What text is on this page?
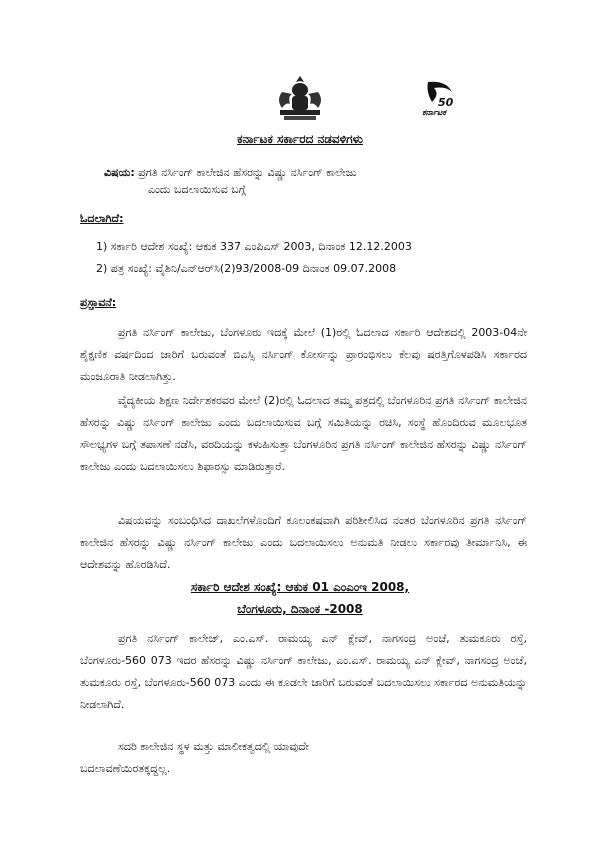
50
ಕರ್ನಾಟಕ
ಕರ್ನಾಟಕ ಸರ್ಕಾರದ ನಡವಳಿಗಳು
ವಿಷಯ: ಪ್ರಗತಿ ನರ್ಸಿಂಗ್ ಕಾಲೇಜಿನ ಹೆಸರನ್ನು ವಿಷ್ಣು ನರ್ಸಿಂಗ್ ಕಾಲೇಜು
ಎಂದು ಬದಲಾಯಿಸುವ ಬಗ್ಗೆ
ಓದಲಾಗಿದೆ:
1) ಸರ್ಕಾರಿ ಆದೇಶ ಸಂಖ್ಯೆ: ಆಕುಕ 337 ಎಂಪಿಎಸ್ 2003, ದಿನಾಂಕ 12.12.2003
2) ಪತ್ರ ಸಂಖ್ಯೆ: ವೈಶಿನಿ/ಎನ್‌ಆರ್‌ಸಿ(2)93/2008-09 ದಿನಾಂಕ 09.07.2008
ಪ್ರಸ್ತಾವನೆ:

ಪ್ರಗತಿ ನರ್ಸಿಂಗ್ ಕಾಲೇಜು, ಬೆಂಗಳೂರು ಇದಕ್ಕೆ ಮೇಲೆ (1)ರಲ್ಲಿ ಓದಲಾದ ಸರ್ಕಾರಿ ಆದೇಶದಲ್ಲಿ 2003-04ನೇ ಶೈಕ್ಷಣಿಕ ವರ್ಷದಿಂದ ಜಾರಿಗೆ ಬರುವಂತೆ ಬಿಎಸ್ಸಿ ನರ್ಸಿಂಗ್ ಕೋರ್ಸನ್ನು ಪ್ರಾರಂಭಿಸಲು ಕೆಲವು ಷರತ್ತಿಗೊಳಪಡಿಸಿ ಸರ್ಕಾರದ ಮಂಜೂರಾತಿ ನೀಡಲಾಗಿತ್ತು.

ವೈದ್ಯಕೀಯ ಶಿಕ್ಷಣ ನಿರ್ದೇಶಕರವರ ಮೇಲೆ (2)ರಲ್ಲಿ ಓದಲಾದ ತಮ್ಮ ಪತ್ರದಲ್ಲಿ ಬೆಂಗಳೂರಿನ ಪ್ರಗತಿ ನರ್ಸಿಂಗ್ ಕಾಲೇಜಿನ ಹೆಸರನ್ನು ವಿಷ್ಣು ನರ್ಸಿಂಗ್ ಕಾಲೇಜು ಎಂದು ಬದಲಾಯಿಸುವ ಬಗ್ಗೆ ಸಮಿತಿಯನ್ನು ರಚಿಸಿ, ಸಂಸ್ಥೆ ಹೊಂದಿರುವ ಮೂಲಭೂತ ಸೌಲಭ್ಯಗಳ ಬಗ್ಗೆ ತಪಾಸಣೆ ನಡೆಸಿ, ವರದಿಯನ್ನು ಕಳುಹಿಸುತ್ತಾ ಬೆಂಗಳೂರಿನ ಪ್ರಗತಿ ನರ್ಸಿಂಗ್ ಕಾಲೇಜಿನ ಹೆಸರನ್ನು ವಿಷ್ಣು ನರ್ಸಿಂಗ್ ಕಾಲೇಜು ಎಂದು ಬದಲಾಯಿಸಲು ಶಿಫಾರಸ್ಸು ಮಾಡಿರುತ್ತಾರೆ.

ವಿಷಯವನ್ನು ಸಂಬಂಧಿಸಿದ ದಾಖಲೆಗಳೊಂದಿಗೆ ಕೂಲಂಕಷವಾಗಿ ಪರಿಶೀಲಿಸಿದ ನಂತರ ಬೆಂಗಳೂರಿನ ಪ್ರಗತಿ ನರ್ಸಿಂಗ್ ಕಾಲೇಜಿನ ಹೆಸರನ್ನು ವಿಷ್ಣು ನರ್ಸಿಂಗ್ ಕಾಲೇಜು ಎಂದು ಬದಲಾಯಿಸಲು ಅನುಮತಿ ನೀಡಲು ಸರ್ಕಾರವು ತೀರ್ಮಾನಿಸಿ, ಈ ಆದೇಶವನ್ನು ಹೊರಡಿಸಿದೆ.

ಸರ್ಕಾರಿ ಆದೇಶ ಸಂಖ್ಯೆ: ಆಕುಕ 01 ಎಂಎಂಇ 2008,
ಬೆಂಗಳೂರು, ದಿನಾಂಕ -2008

ಪ್ರಗತಿ ನರ್ಸಿಂಗ್ ಕಾಲೇಜ್, ಎಂ.ಎಸ್. ರಾಮಯ್ಯ ಎನ್ ಕ್ಲೇವ್, ನಾಗಸಂದ್ರ ಅಂಚೆ, ತುಮಕೂರು ರಸ್ತೆ, ಬೆಂಗಳೂರು-560 073 ಇದರ ಹೆಸರನ್ನು ವಿಷ್ಣು ನರ್ಸಿಂಗ್ ಕಾಲೇಜು, ಎಂ.ಎಸ್. ರಾಮಯ್ಯ ಎನ್ ಕ್ಲೇವ್, ನಾಗಸಂದ್ರ ಅಂಚೆ, ತುಮಕೂರು ರಸ್ತೆ, ಬೆಂಗಳೂರು-560 073 ಎಂದು ಈ ಕೂಡಲೇ ಜಾರಿಗೆ ಬರುವಂತೆ ಬದಲಾಯಿಸಲು ಸರ್ಕಾರದ ಅನುಮತಿಯನ್ನು ನೀಡಲಾಗಿದೆ.

ಸದರಿ ಕಾಲೇಜಿನ ಸ್ಥಳ ಮತ್ತು ಮಾಲೀಕತ್ವದಲ್ಲಿ ಯಾವುದೇ

ಬದಲಾವಣೆಯಿರತಕ್ಕದ್ದಲ್ಲ.
